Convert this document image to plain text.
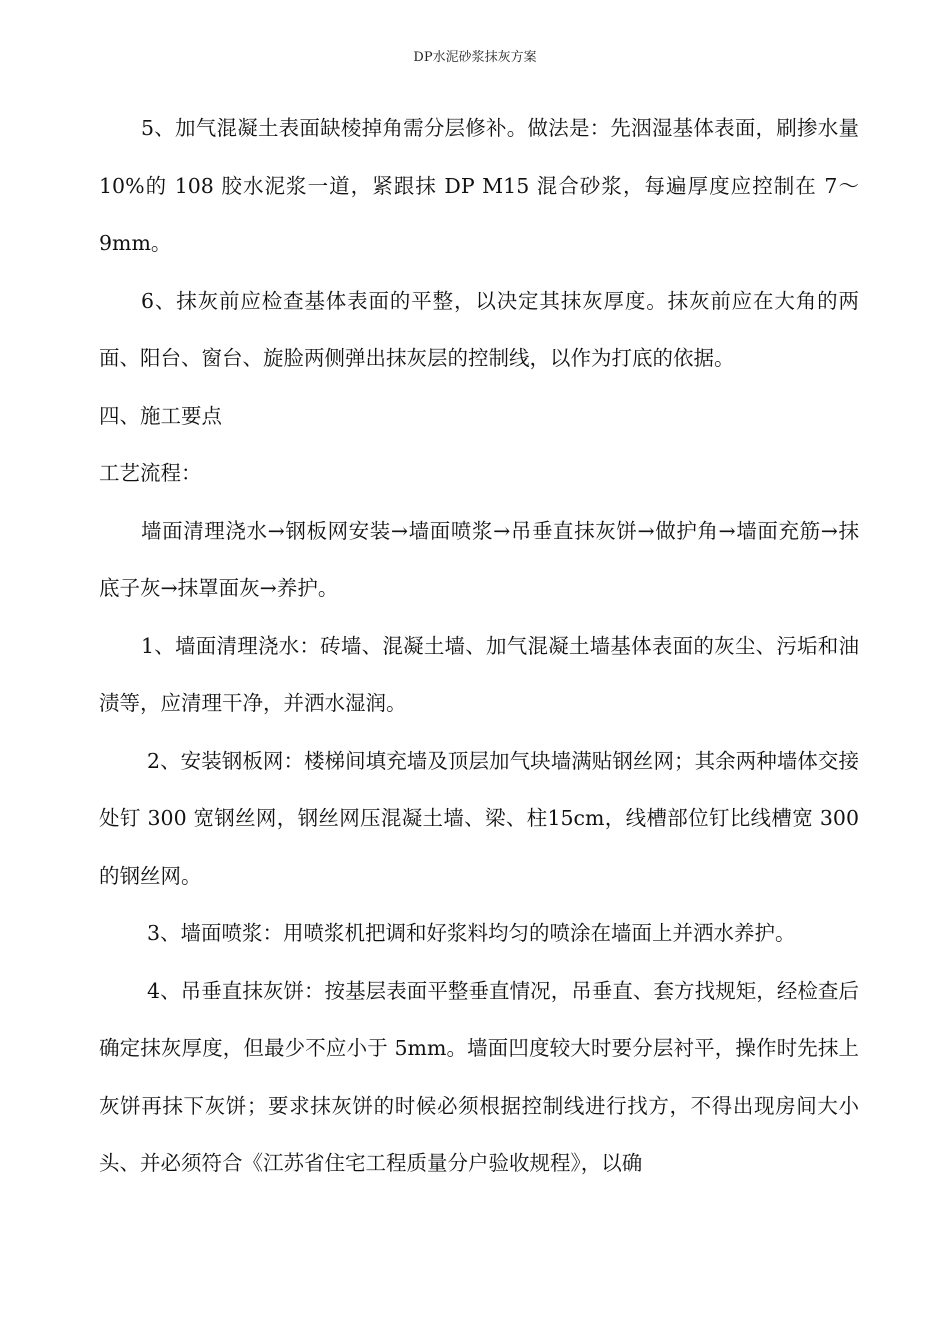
DP水泥砂浆抹灰方案

5、加气混凝土表面缺棱掉角需分层修补。做法是：先洇湿基体表面，刷掺水量 10%的 108 胶水泥浆一道，紧跟抹 DP M15 混合砂浆，每遍厚度应控制在 7～9mm。

6、抹灰前应检查基体表面的平整，以决定其抹灰厚度。抹灰前应在大角的两面、阳台、窗台、旋脸两侧弹出抹灰层的控制线，以作为打底的依据。

四、施工要点

工艺流程：

墙面清理浇水→钢板网安装→墙面喷浆→吊垂直抹灰饼→做护角→墙面充筋→抹底子灰→抹罩面灰→养护。

1、墙面清理浇水：砖墙、混凝土墙、加气混凝土墙基体表面的灰尘、污垢和油渍等，应清理干净，并洒水湿润。

2、安装钢板网：楼梯间填充墙及顶层加气块墙满贴钢丝网；其余两种墙体交接处钉 300 宽钢丝网，钢丝网压混凝土墙、梁、柱15cm，线槽部位钉比线槽宽 300 的钢丝网。

3、墙面喷浆：用喷浆机把调和好浆料均匀的喷涂在墙面上并洒水养护。

4、吊垂直抹灰饼：按基层表面平整垂直情况，吊垂直、套方找规矩，经检查后确定抹灰厚度，但最少不应小于 5mm。墙面凹度较大时要分层衬平，操作时先抹上灰饼再抹下灰饼；要求抹灰饼的时候必须根据控制线进行找方，不得出现房间大小头、并必须符合《江苏省住宅工程质量分户验收规程》，以确
